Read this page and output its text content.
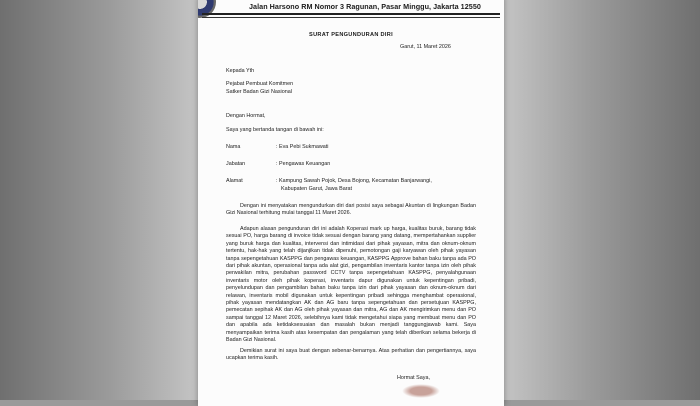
Jalan Harsono RM Nomor 3 Ragunan, Pasar Minggu, Jakarta 12550
SURAT PENGUNDURAN DIRI
Garut, 11 Maret 2026
Kepada Yth
Pejabat Pembuat Komitmen
Satker Badan Gizi Nasional
Dengan Hormat,
Saya yang bertanda tangan di bawah ini:
Nama	: Eva Pebi Sukmawati
Jabatan	: Pengawas Keuangan
Alamat	: Kampung Sawah Pojok, Desa Bojong, Kecamatan Banjarwangi,
Kabupaten Garut, Jawa Barat
Dengan ini menyatakan mengundurkan diri dari posisi saya sebagai Akuntan di lingkungan Badan Gizi Nasional terhitung mulai tanggal 11 Maret 2026.
Adapun alasan pengunduran diri ini adalah Koperasi mark up harga, kualitas buruk, barang tidak sesuai PO, harga barang di invoice tidak sesuai dengan barang yang datang, mempertahankan supplier yang buruk harga dan kualitas, intervensi dan intimidasi dari pihak yayasan, mitra dan oknum-oknum tertentu, hak-hak yang telah dijanjikan tidak dipenuhi, pemotongan gaji karyawan oleh pihak yayasan tanpa sepengetahuan KASPPG dan pengawas keuangan, KASPPG Approve bahan baku tanpa ada PO dari pihak akuntan, operasional tanpa ada alat gizi, pengambilan inventaris kantor tanpa izin oleh pihak perwakilan mitra, perubahan password CCTV tanpa sepengetahuan KASPPG, penyalahgunaan inventaris motor oleh pihak koperasi, inventaris dapur digunakan untuk kepentingan pribadi, penyelundupan dan pengambilan bahan baku tanpa izin dari pihak yayasan dan oknum-oknum dari relawan, inventaris mobil digunakan untuk kepentingan pribadi sehingga menghambat operasional, pihak yayasan mendatangkan AK dan AG baru tanpa sepengetahuan dan persetujuan KASPPG, pemecatan sepihak AK dan AG oleh pihak yayasan dan mitra, AG dan AK mengirimkan menu dan PO sampai tanggal 12 Maret 2026, selebihnya kami tidak mengetahui siapa yang membuat menu dan PO dan apabila ada ketidaksesuaian dan masalah bukan menjadi tanggungjawab kami. Saya menyampaikan terima kasih atas kesempatan dan pengalaman yang telah diberikan selama bekerja di Badan Gizi Nasional.
Demikian surat ini saya buat dengan sebenar-benarnya. Atas perhatian dan pengertiannya, saya ucapkan terima kasih.
Hormat Saya,
